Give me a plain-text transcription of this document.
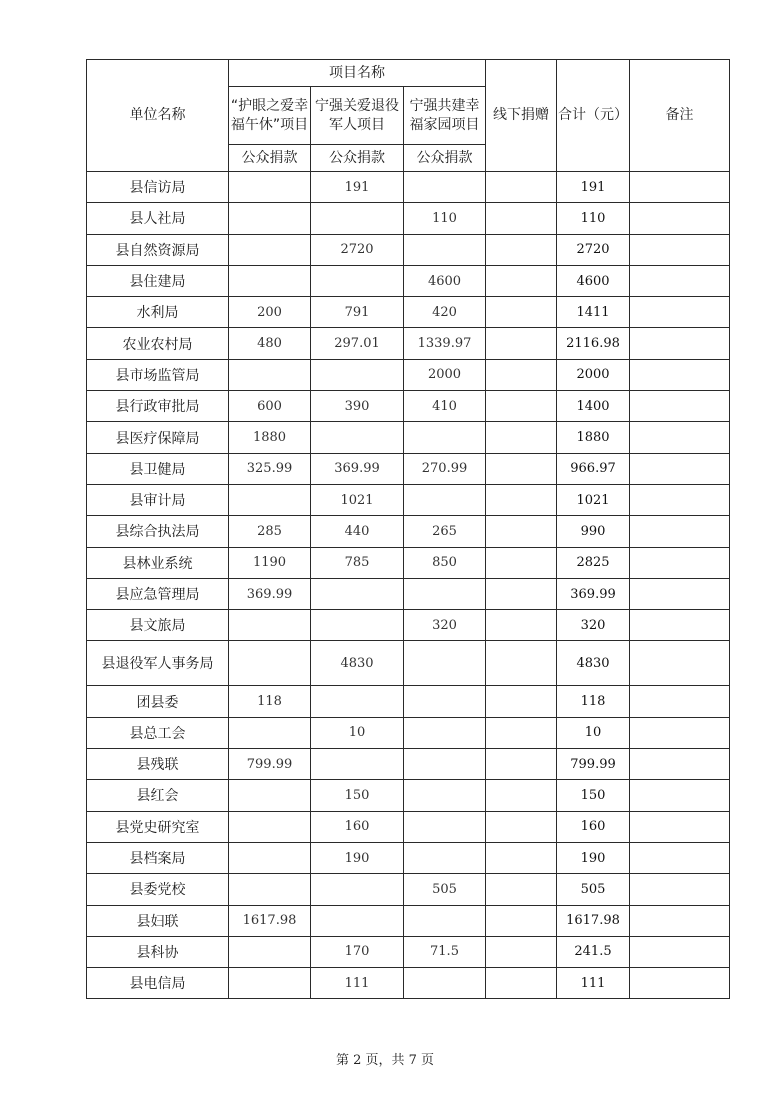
单位名称	项目名称			线下捐赠	合计（元）	备注
	“护眼之爱幸福午休”项目	宁强关爱退役军人项目	宁强共建幸福家园项目			
	公众捐款	公众捐款	公众捐款			
县信访局		191			191	
县人社局			110		110	
县自然资源局		2720			2720	
县住建局			4600		4600	
水利局	200	791	420		1411	
农业农村局	480	297.01	1339.97		2116.98	
县市场监管局			2000		2000	
县行政审批局	600	390	410		1400	
县医疗保障局	1880				1880	
县卫健局	325.99	369.99	270.99		966.97	
县审计局		1021			1021	
县综合执法局	285	440	265		990	
县林业系统	1190	785	850		2825	
县应急管理局	369.99				369.99	
县文旅局			320		320	
县退役军人事务局		4830			4830	
团县委	118				118	
县总工会		10			10	
县残联	799.99				799.99	
县红会		150			150	
县党史研究室		160			160	
县档案局		190			190	
县委党校			505		505	
县妇联	1617.98				1617.98	
县科协		170	71.5		241.5	
县电信局		111			111	
第 2 页，共 7 页
